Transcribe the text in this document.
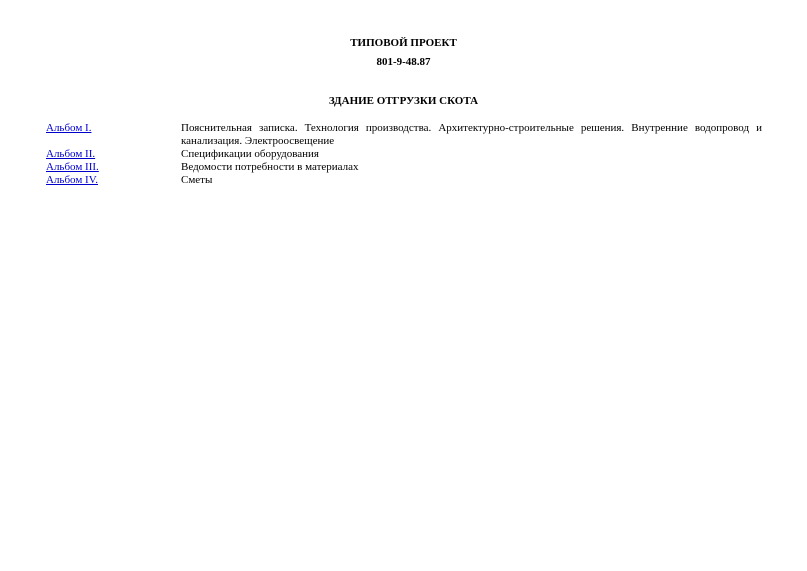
ТИПОВОЙ ПРОЕКТ
801-9-48.87
ЗДАНИЕ ОТГРУЗКИ СКОТА
Альбом I.	Пояснительная записка. Технология производства. Архитектурно-строительные решения. Внутренние водопровод и канализация. Электроосвещение
Альбом II.	Спецификации оборудования
Альбом III.	Ведомости потребности в материалах
Альбом IV.	Сметы
